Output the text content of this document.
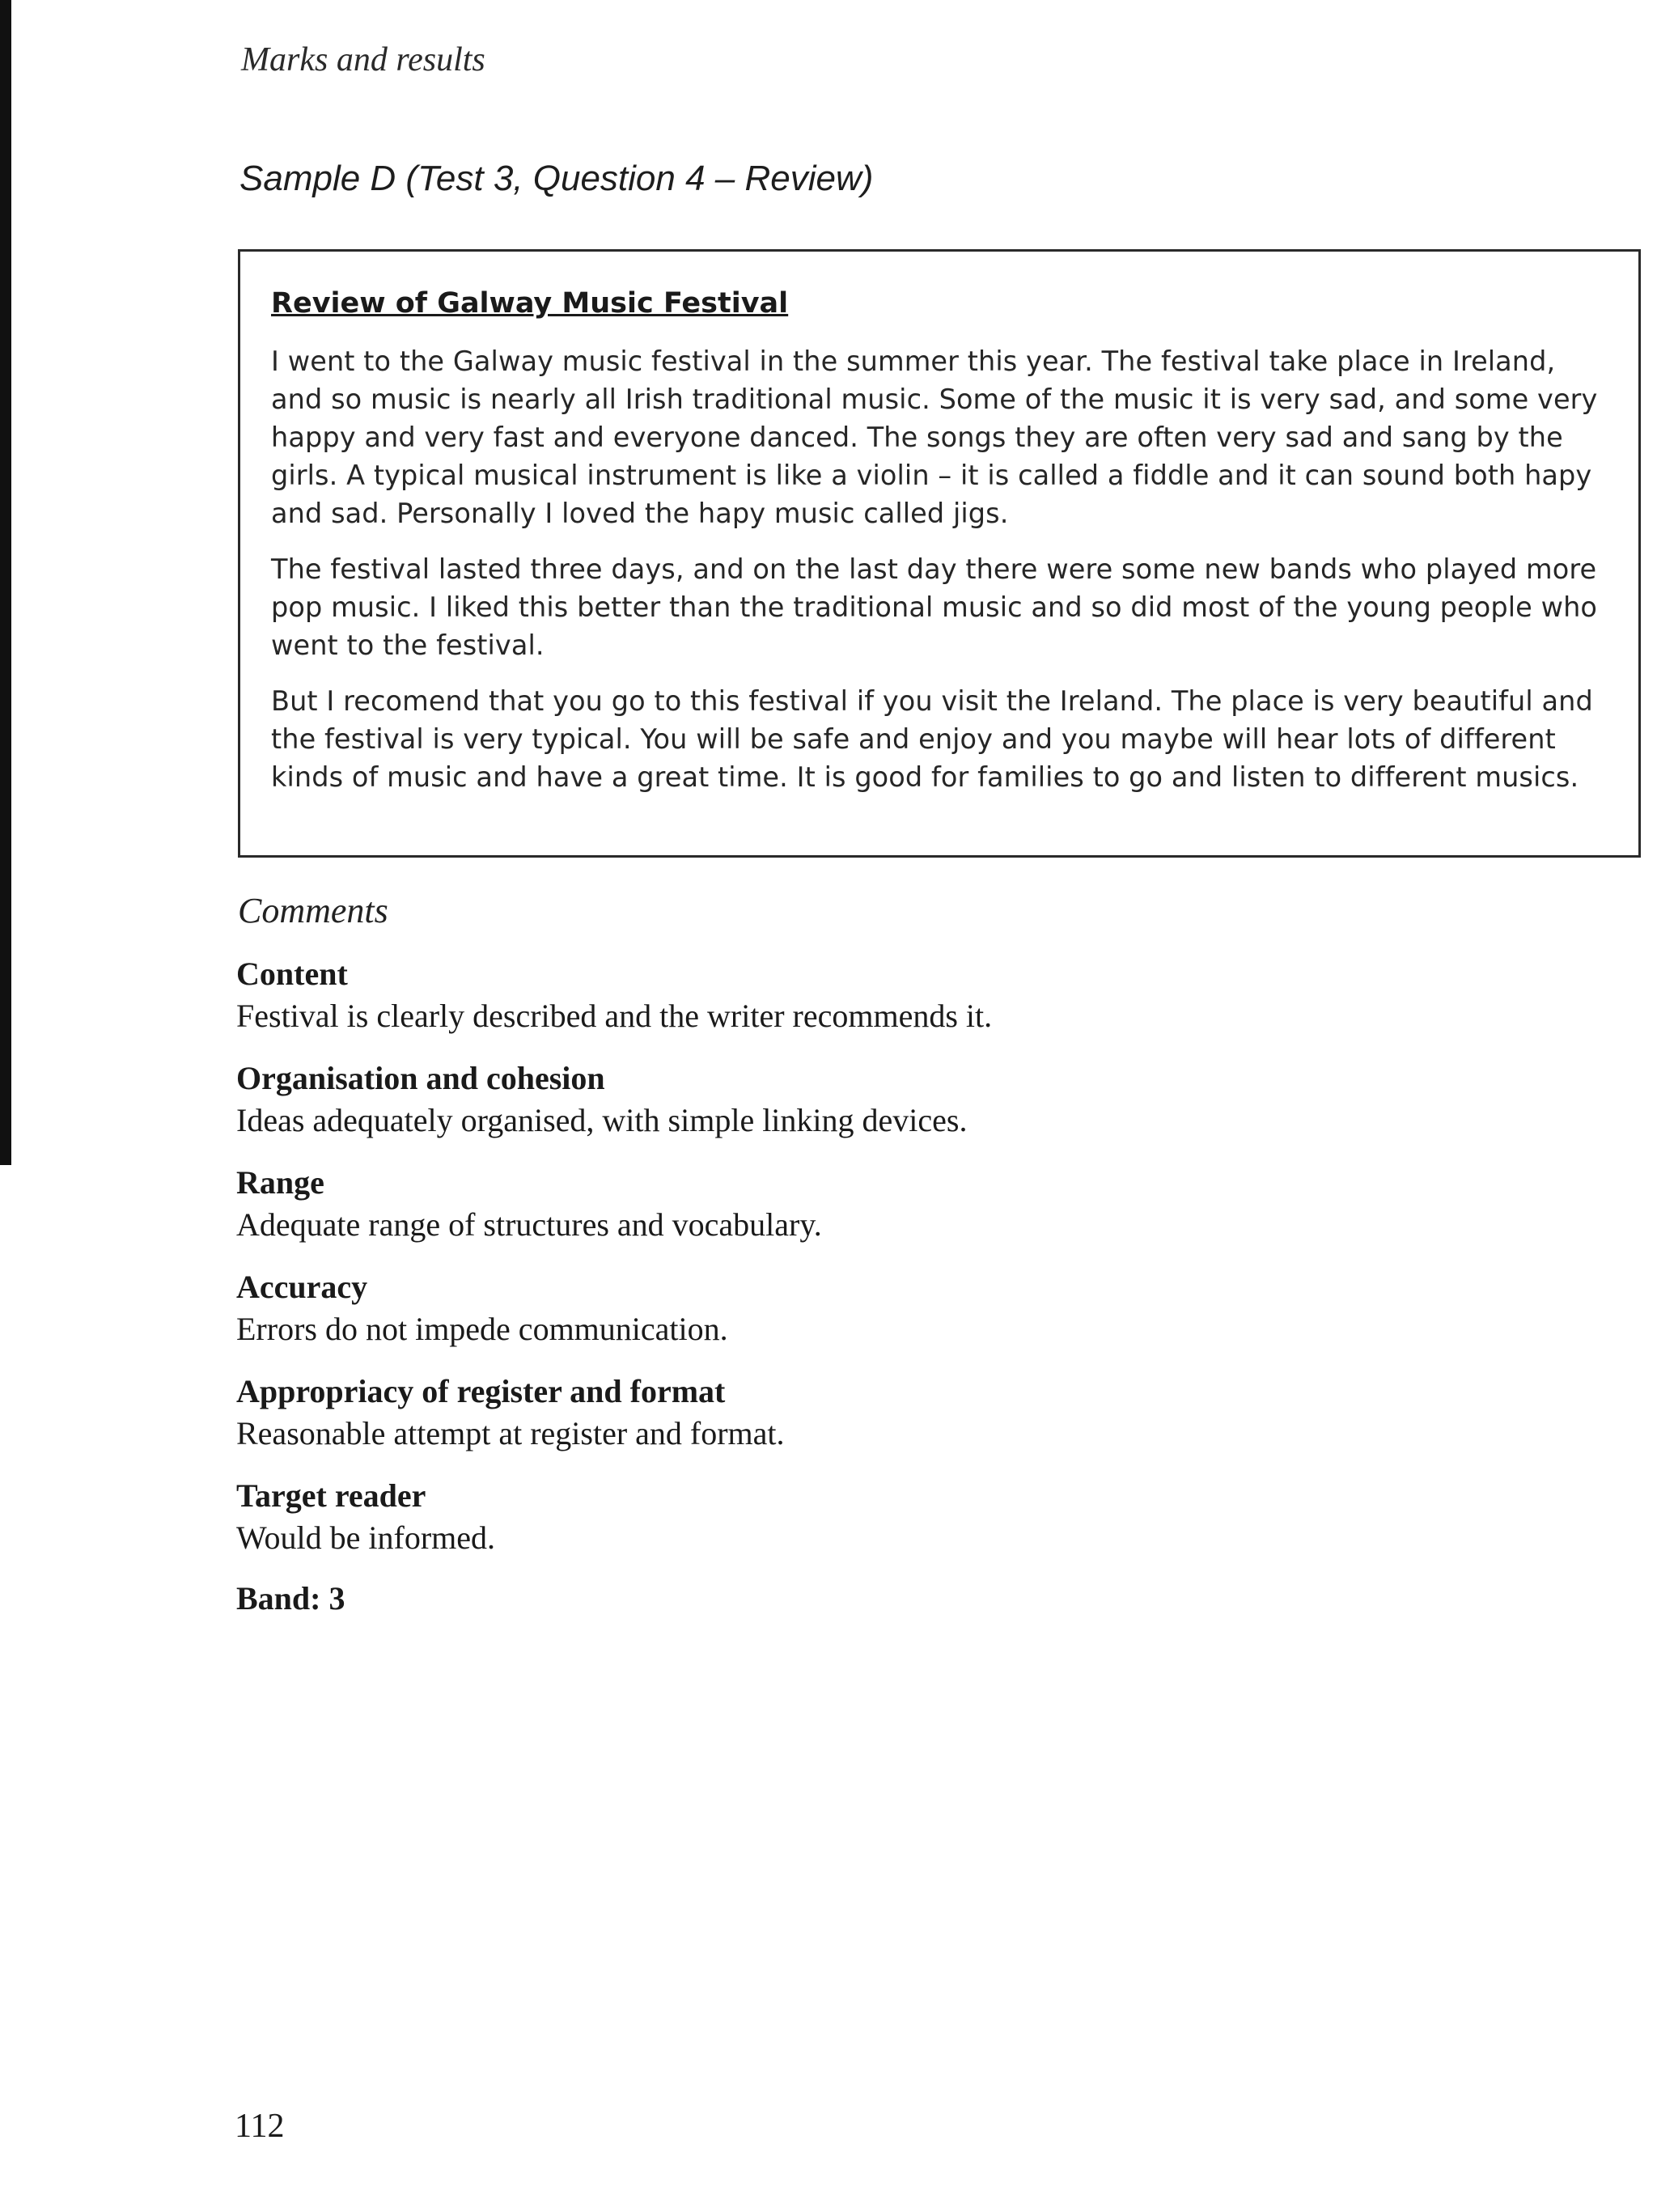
Marks and results

Sample D (Test 3, Question 4 – Review)
Review of Galway Music Festival

I went to the Galway music festival in the summer this year. The festival take place in Ireland, and so music is nearly all Irish traditional music. Some of the music it is very sad, and some very happy and very fast and everyone danced. The songs they are often very sad and sang by the girls. A typical musical instrument is like a violin – it is called a fiddle and it can sound both hapy and sad. Personally I loved the hapy music called jigs.

The festival lasted three days, and on the last day there were some new bands who played more pop music. I liked this better than the traditional music and so did most of the young people who went to the festival.

But I recomend that you go to this festival if you visit the Ireland. The place is very beautiful and the festival is very typical. You will be safe and enjoy and you maybe will hear lots of different kinds of music and have a great time. It is good for families to go and listen to different musics.

Comments

Content

Festival is clearly described and the writer recommends it.

Organisation and cohesion

Ideas adequately organised, with simple linking devices.

Range

Adequate range of structures and vocabulary.

Accuracy

Errors do not impede communication.

Appropriacy of register and format

Reasonable attempt at register and format.

Target reader

Would be informed.

Band: 3

112
